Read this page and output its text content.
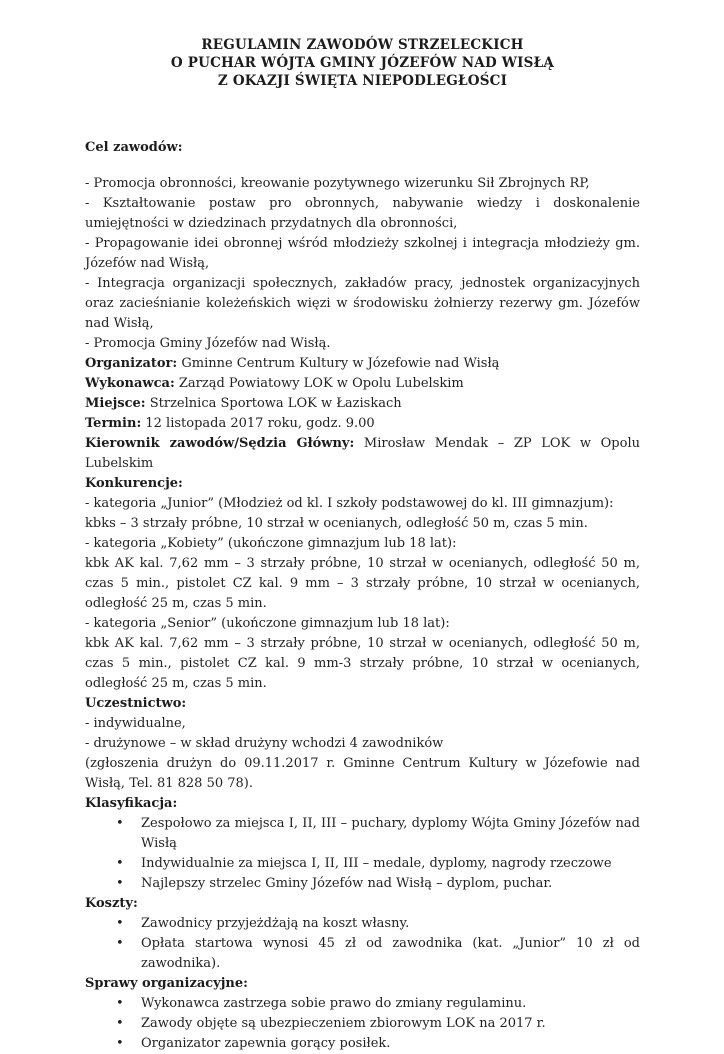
REGULAMIN ZAWODÓW STRZELECKICH
O PUCHAR WÓJTA GMINY JÓZEFÓW NAD WISŁĄ
Z OKAZJI ŚWIĘTA NIEPODLEGŁOŚCI

Cel zawodów:

- Promocja obronności, kreowanie pozytywnego wizerunku Sił Zbrojnych RP,

- Kształtowanie postaw pro obronnych, nabywanie wiedzy i doskonalenie umiejętności w dziedzinach przydatnych dla obronności,

- Propagowanie idei obronnej wśród młodzieży szkolnej i integracja młodzieży gm. Józefów nad Wisłą,

- Integracja organizacji społecznych, zakładów pracy, jednostek organizacyjnych oraz zacieśnianie koleżeńskich więzi w środowisku żołnierzy rezerwy gm. Józefów nad Wisłą,

- Promocja Gminy Józefów nad Wisłą.

Organizator: Gminne Centrum Kultury w Józefowie nad Wisłą

Wykonawca: Zarząd Powiatowy LOK w Opolu Lubelskim

Miejsce: Strzelnica Sportowa LOK w Łaziskach

Termin: 12 listopada 2017 roku, godz. 9.00

Kierownik zawodów/Sędzia Główny: Mirosław Mendak – ZP LOK w Opolu Lubelskim

Konkurencje:

- kategoria „Junior” (Młodzież od kl. I szkoły podstawowej do kl. III gimnazjum):

kbks – 3 strzały próbne, 10 strzał w ocenianych, odległość 50 m, czas 5 min.

- kategoria „Kobiety” (ukończone gimnazjum lub 18 lat):

kbk AK kal. 7,62 mm – 3 strzały próbne, 10 strzał w ocenianych, odległość 50 m, czas 5 min., pistolet CZ kal. 9 mm – 3 strzały próbne, 10 strzał w ocenianych, odległość 25 m, czas 5 min.

- kategoria „Senior” (ukończone gimnazjum lub 18 lat):

kbk AK kal. 7,62 mm – 3 strzały próbne, 10 strzał w ocenianych, odległość 50 m, czas 5 min., pistolet CZ kal. 9 mm-3 strzały próbne, 10 strzał w ocenianych, odległość 25 m, czas 5 min.

Uczestnictwo:

- indywidualne,

- drużynowe – w skład drużyny wchodzi 4 zawodników

(zgłoszenia drużyn do 09.11.2017 r. Gminne Centrum Kultury w Józefowie nad Wisłą, Tel. 81 828 50 78).

Klasyfikacja:

• Zespołowo za miejsca I, II, III – puchary, dyplomy Wójta Gminy Józefów nad Wisłą

• Indywidualnie za miejsca I, II, III – medale, dyplomy, nagrody rzeczowe

• Najlepszy strzelec Gminy Józefów nad Wisłą – dyplom, puchar.

Koszty:

• Zawodnicy przyjeżdżają na koszt własny.

• Opłata startowa wynosi 45 zł od zawodnika (kat. „Junior” 10 zł od zawodnika).

Sprawy organizacyjne:

• Wykonawca zastrzega sobie prawo do zmiany regulaminu.

• Zawody objęte są ubezpieczeniem zbiorowym LOK na 2017 r.

• Organizator zapewnia gorący posiłek.
